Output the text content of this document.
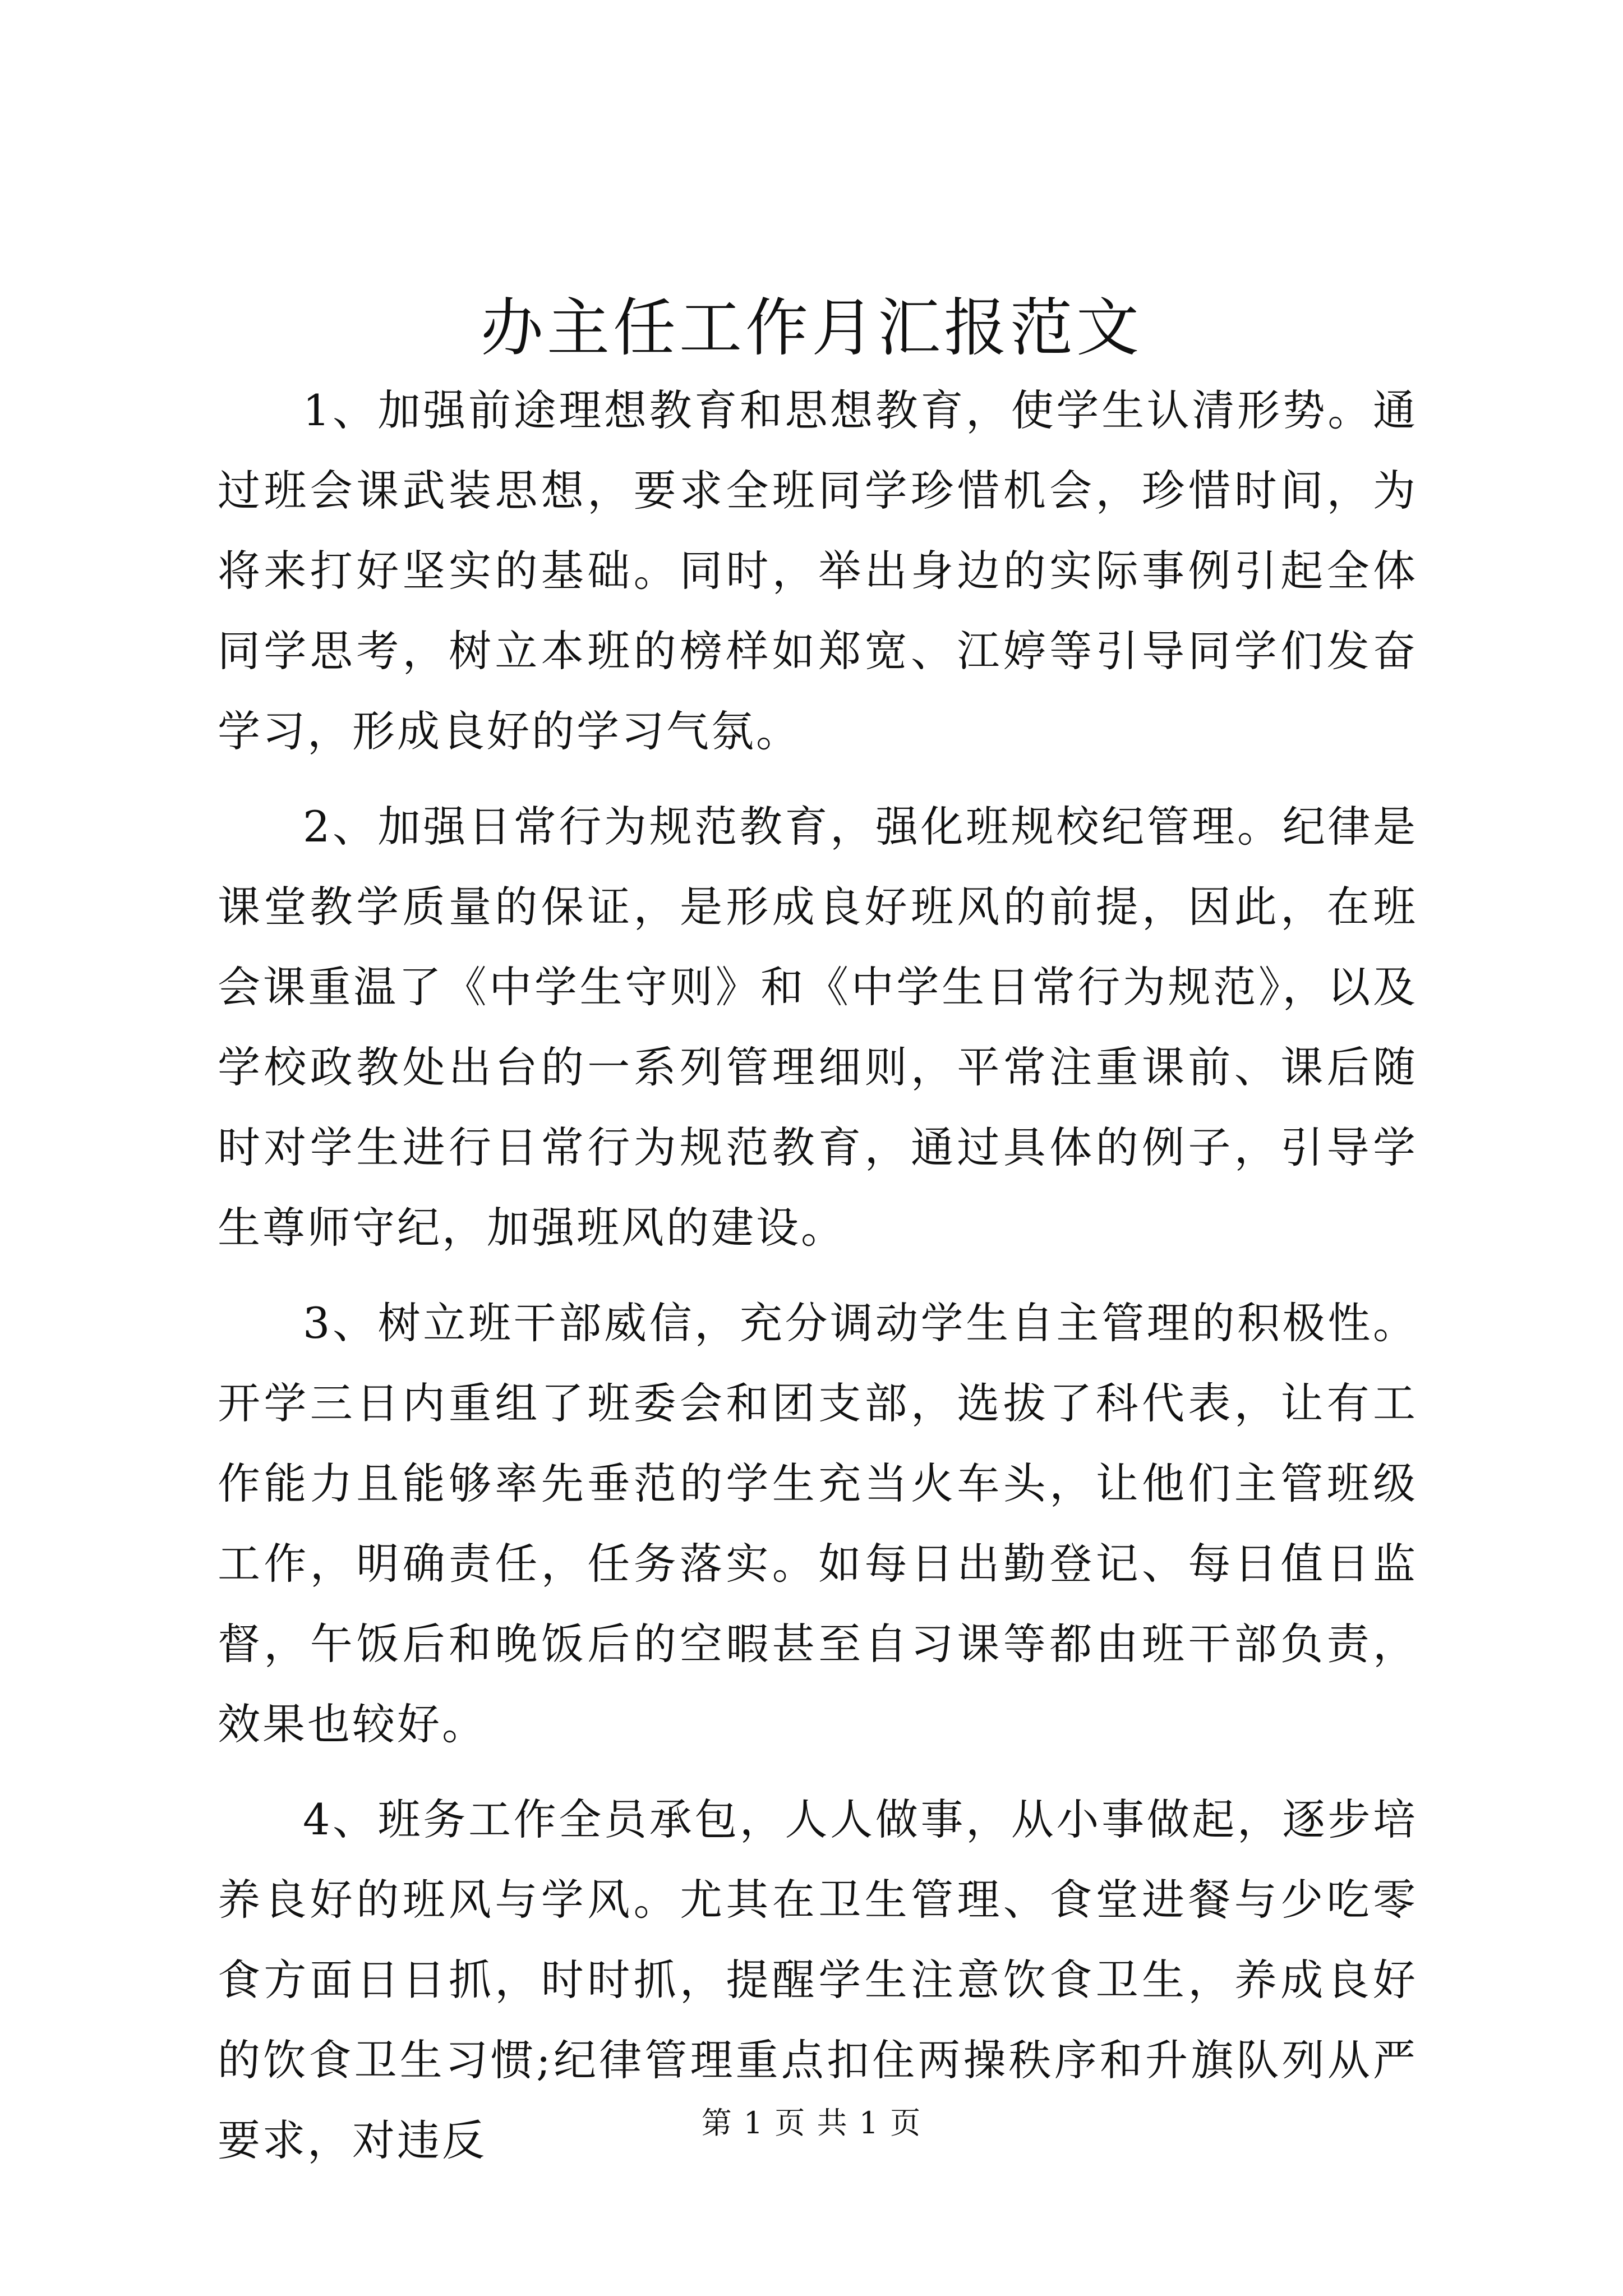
办主任工作月汇报范文

1、加强前途理想教育和思想教育，使学生认清形势。通过班会课武装思想，要求全班同学珍惜机会，珍惜时间，为将来打好坚实的基础。同时，举出身边的实际事例引起全体同学思考，树立本班的榜样如郑宽、江婷等引导同学们发奋学习，形成良好的学习气氛。

2、加强日常行为规范教育，强化班规校纪管理。纪律是课堂教学质量的保证，是形成良好班风的前提，因此，在班会课重温了《中学生守则》和《中学生日常行为规范》，以及学校政教处出台的一系列管理细则，平常注重课前、课后随时对学生进行日常行为规范教育，通过具体的例子，引导学生尊师守纪，加强班风的建设。

3、树立班干部威信，充分调动学生自主管理的积极性。开学三日内重组了班委会和团支部，选拔了科代表，让有工作能力且能够率先垂范的学生充当火车头，让他们主管班级工作，明确责任，任务落实。如每日出勤登记、每日值日监督，午饭后和晚饭后的空暇甚至自习课等都由班干部负责，效果也较好。

4、班务工作全员承包，人人做事，从小事做起，逐步培养良好的班风与学风。尤其在卫生管理、食堂进餐与少吃零食方面日日抓，时时抓，提醒学生注意饮食卫生，养成良好的饮食卫生习惯;纪律管理重点扣住两操秩序和升旗队列从严要求，对违反	第 1 页 共 1 页
